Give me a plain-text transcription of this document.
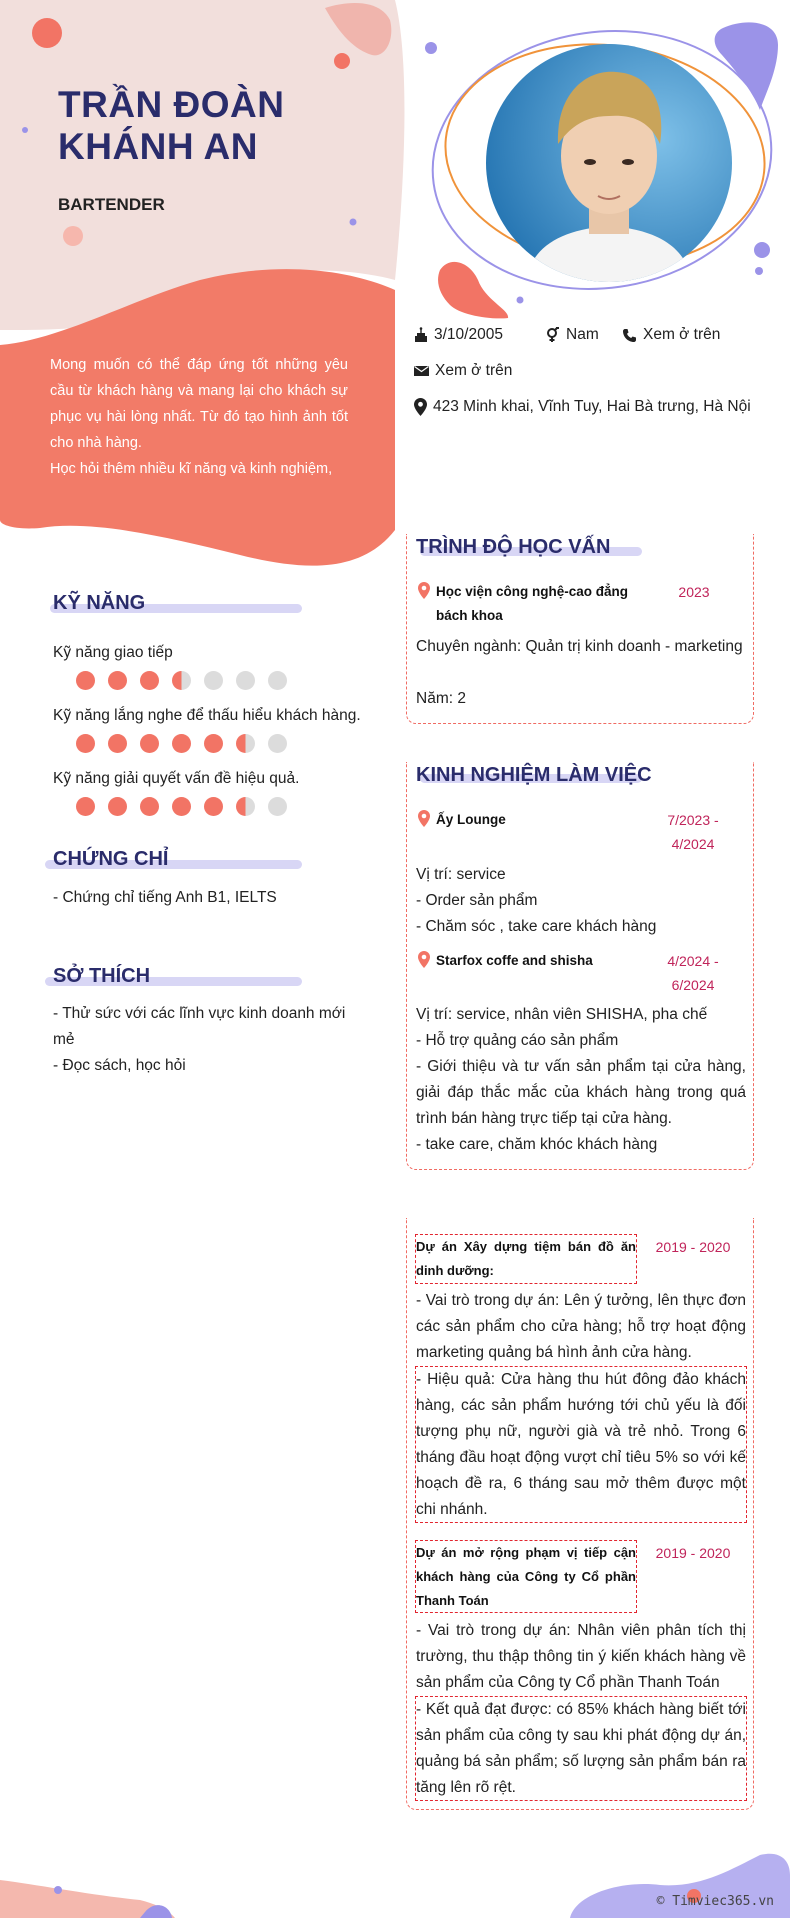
TRẦN ĐOÀN
KHÁNH AN
BARTENDER
Mong muốn có thể đáp ứng tốt những yêu cầu từ khách hàng và mang lại cho khách sự phục vụ hài lòng nhất. Từ đó tạo hình ảnh tốt cho nhà hàng.
Học hỏi thêm nhiều kĩ năng và kinh nghiệm,
3/10/2005	Nam	Xem ở trên
Xem ở trên
423 Minh khai, Vĩnh Tuy, Hai Bà trưng, Hà Nội
KỸ NĂNG
Kỹ năng giao tiếp
Kỹ năng lắng nghe để thấu hiểu khách hàng.
Kỹ năng giải quyết vấn đề hiệu quả.
CHỨNG CHỈ
- Chứng chỉ tiếng Anh B1, IELTS
SỞ THÍCH
- Thử sức với các lĩnh vực kinh doanh mới mẻ
- Đọc sách, học hỏi
TRÌNH ĐỘ HỌC VẤN
Học viện công nghệ-cao đẳng bách khoa
2023
Chuyên ngành: Quản trị kinh doanh - marketing
Năm: 2
KINH NGHIỆM LÀM VIỆC
Ấy Lounge	7/2023 -
4/2024
Vị trí: service
- Order sản phẩm
- Chăm sóc , take care khách hàng
Starfox coffe and shisha	4/2024 -
6/2024
Vị trí: service, nhân viên SHISHA, pha chế
- Hỗ trợ quảng cáo sản phẩm
- Giới thiệu và tư vấn sản phẩm tại cửa hàng, giải đáp thắc mắc của khách hàng trong quá trình bán hàng trực tiếp tại cửa hàng.
- take care, chăm khóc khách hàng
Dự án Xây dựng tiệm bán đồ ăn dinh dưỡng:
2019 - 2020
- Vai trò trong dự án: Lên ý tưởng, lên thực đơn các sản phẩm cho cửa hàng; hỗ trợ hoạt động marketing quảng bá hình ảnh cửa hàng.
- Hiệu quả: Cửa hàng thu hút đông đảo khách hàng, các sản phẩm hướng tới chủ yếu là đối tượng phụ nữ, người già và trẻ nhỏ. Trong 6 tháng đầu hoạt động vượt chỉ tiêu 5% so với kế hoạch đề ra, 6 tháng sau mở thêm được một chi nhánh.
Dự án mở rộng phạm vị tiếp cận khách hàng của Công ty Cổ phần Thanh Toán
2019 - 2020
- Vai trò trong dự án: Nhân viên phân tích thị trường, thu thập thông tin ý kiến khách hàng về sản phẩm của Công ty Cổ phần Thanh Toán
- Kết quả đạt được: có 85% khách hàng biết tới sản phẩm của công ty sau khi phát động dự án, quảng bá sản phẩm; số lượng sản phẩm bán ra tăng lên rõ rệt.
© Timviec365.vn
